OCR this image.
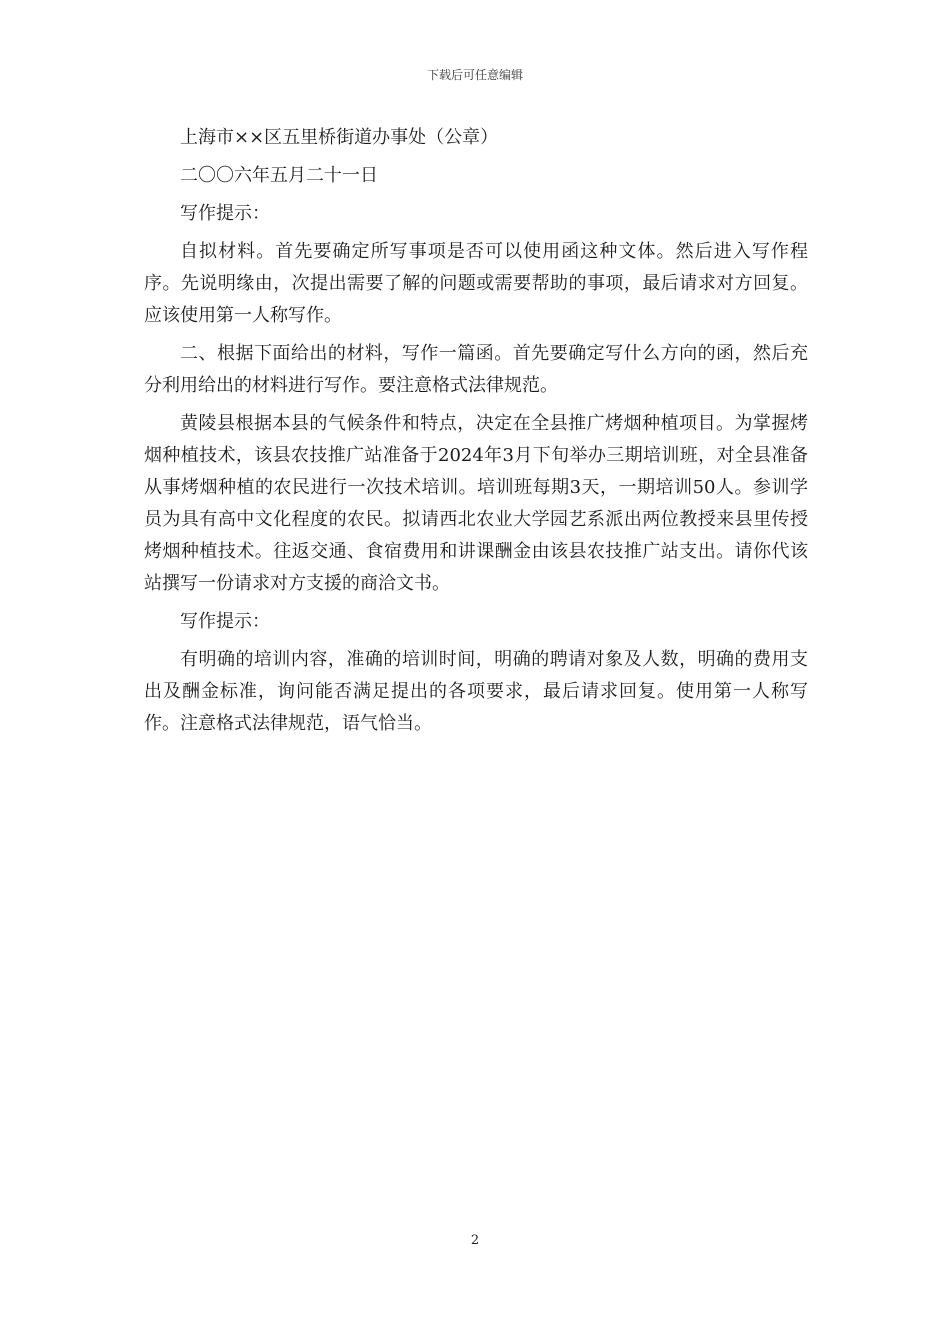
下载后可任意编辑

上海市××区五里桥街道办事处（公章）

二〇〇六年五月二十一日

写作提示：

自拟材料。首先要确定所写事项是否可以使用函这种文体。然后进入写作程序。先说明缘由，次提出需要了解的问题或需要帮助的事项，最后请求对方回复。应该使用第一人称写作。

二、根据下面给出的材料，写作一篇函。首先要确定写什么方向的函，然后充分利用给出的材料进行写作。要注意格式法律规范。

黄陵县根据本县的气候条件和特点，决定在全县推广烤烟种植项目。为掌握烤烟种植技术，该县农技推广站准备于2024年3月下旬举办三期培训班，对全县准备从事烤烟种植的农民进行一次技术培训。培训班每期3天，一期培训50人。参训学员为具有高中文化程度的农民。拟请西北农业大学园艺系派出两位教授来县里传授烤烟种植技术。往返交通、食宿费用和讲课酬金由该县农技推广站支出。请你代该站撰写一份请求对方支援的商洽文书。

写作提示：

有明确的培训内容，准确的培训时间，明确的聘请对象及人数，明确的费用支出及酬金标准，询问能否满足提出的各项要求，最后请求回复。使用第一人称写作。注意格式法律规范，语气恰当。

2
